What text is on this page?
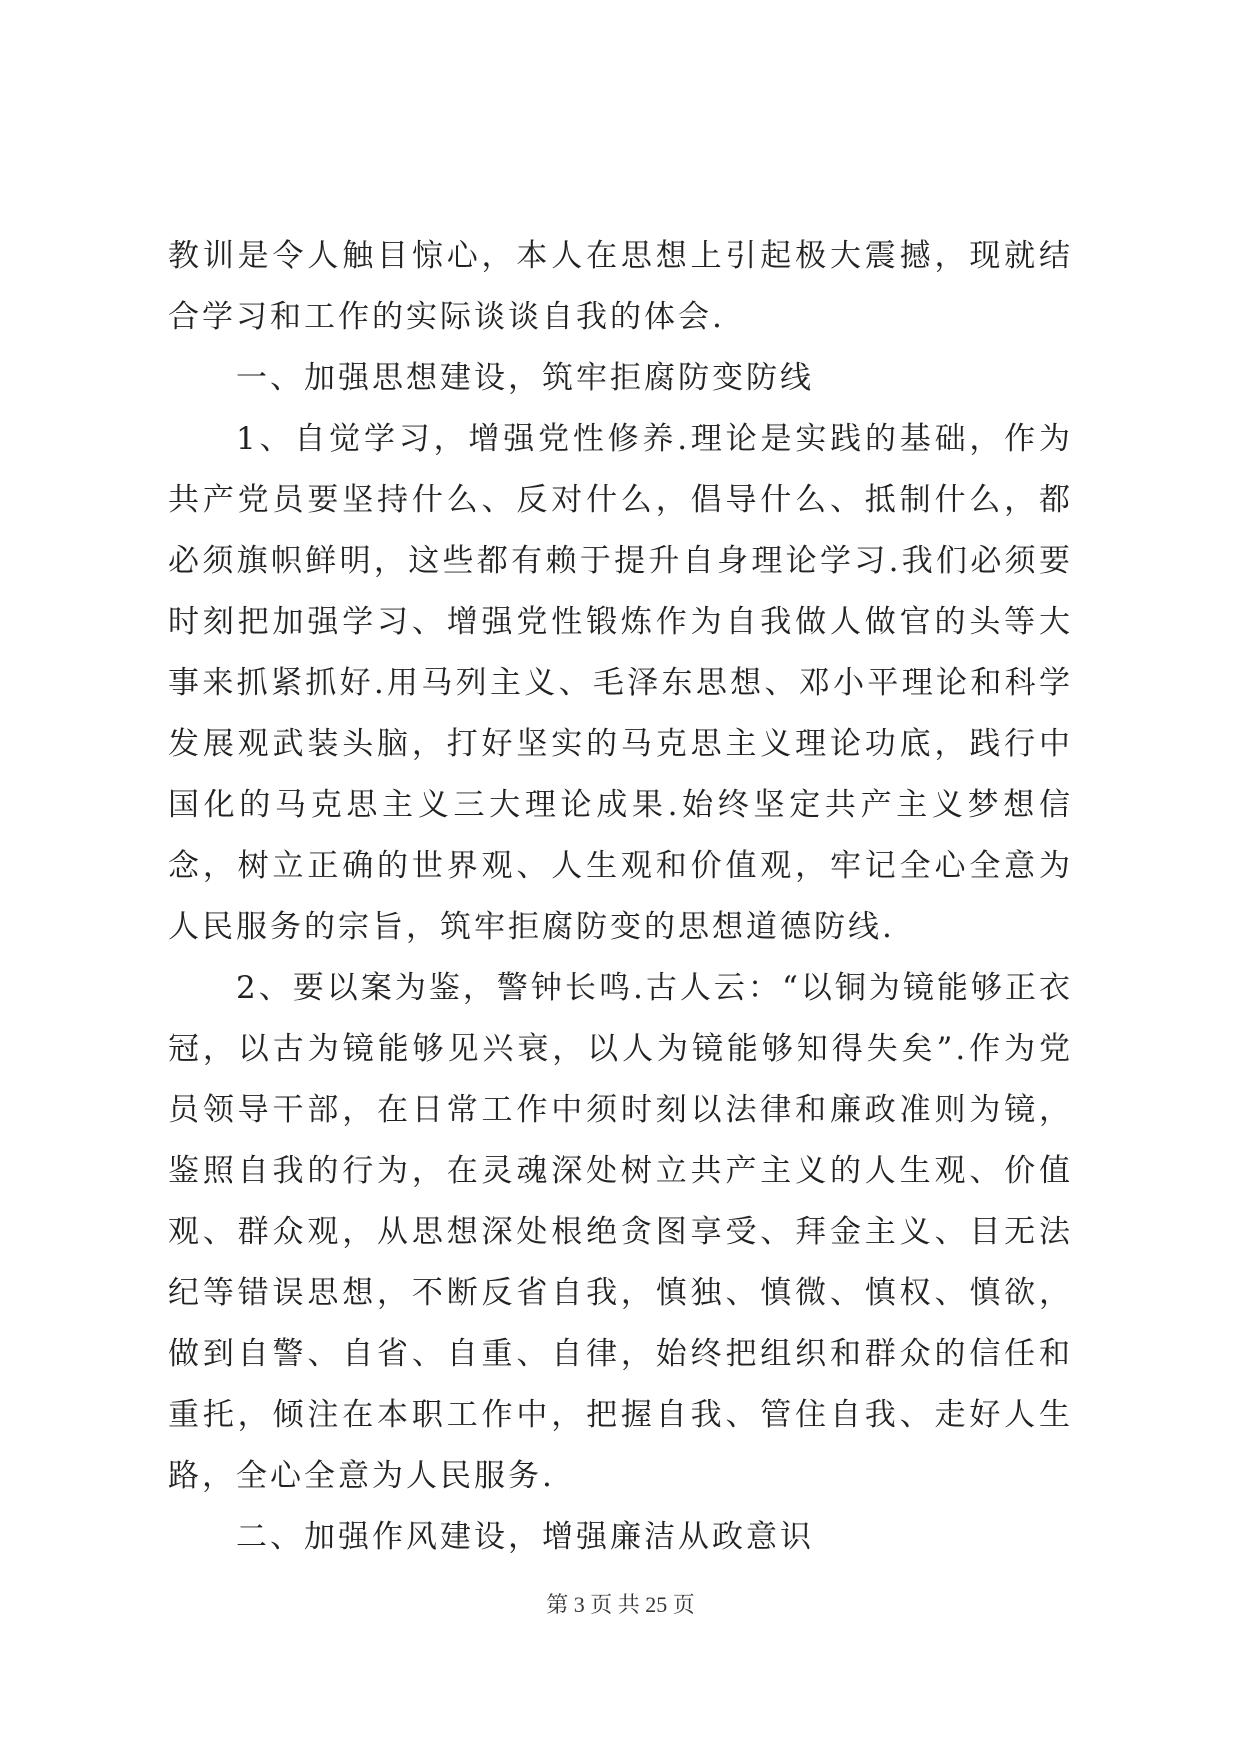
教训是令人触目惊心，本人在思想上引起极大震撼，现就结合学习和工作的实际谈谈自我的体会.

一、加强思想建设，筑牢拒腐防变防线

1、自觉学习，增强党性修养.理论是实践的基础，作为共产党员要坚持什么、反对什么，倡导什么、抵制什么，都必须旗帜鲜明，这些都有赖于提升自身理论学习.我们必须要时刻把加强学习、增强党性锻炼作为自我做人做官的头等大事来抓紧抓好.用马列主义、毛泽东思想、邓小平理论和科学发展观武装头脑，打好坚实的马克思主义理论功底，践行中国化的马克思主义三大理论成果.始终坚定共产主义梦想信念，树立正确的世界观、人生观和价值观，牢记全心全意为人民服务的宗旨，筑牢拒腐防变的思想道德防线.

2、要以案为鉴，警钟长鸣.古人云：“以铜为镜能够正衣冠，以古为镜能够见兴衰，以人为镜能够知得失矣”.作为党员领导干部，在日常工作中须时刻以法律和廉政准则为镜，鉴照自我的行为，在灵魂深处树立共产主义的人生观、价值观、群众观，从思想深处根绝贪图享受、拜金主义、目无法纪等错误思想，不断反省自我，慎独、慎微、慎权、慎欲，做到自警、自省、自重、自律，始终把组织和群众的信任和重托，倾注在本职工作中，把握自我、管住自我、走好人生路，全心全意为人民服务.

二、加强作风建设，增强廉洁从政意识

第 3 页 共 25 页
